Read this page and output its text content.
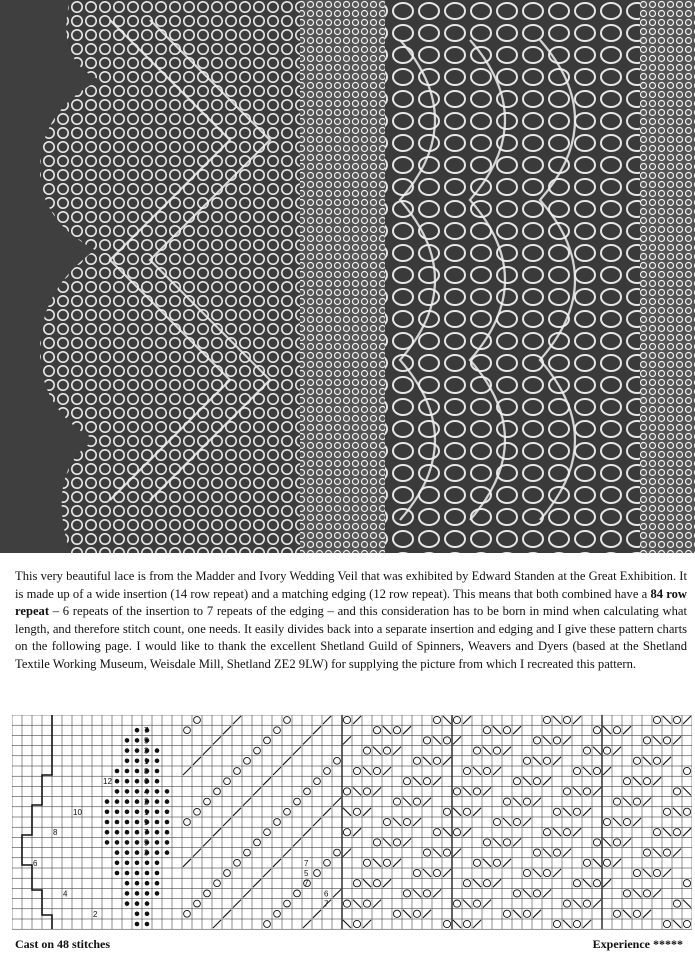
This very beautiful lace is from the Madder and Ivory Wedding Veil that was exhibited by Edward Standen at the Great Exhibition. It is made up of a wide insertion (14 row repeat) and a matching edging (12 row repeat). This means that both combined have a 84 row repeat – 6 repeats of the insertion to 7 repeats of the edging – and this consideration has to be born in mind when calculating what length, and therefore stitch count, one needs. It easily divides back into a separate insertion and edging and I give these pattern charts on the following page. I would like to thank the excellent Shetland Guild of Spinners, Weavers and Dyers (based at the Shetland Textile Working Museum, Weisdale Mill, Shetland ZE2 9LW) for supplying the picture from which I recreated this pattern.

12
10
8
6
4
2
7
5
3
1
8
6
4
2
1
9
7
5
3
7
5
7
6
7
Cast on 48 stitches	Experience *****
